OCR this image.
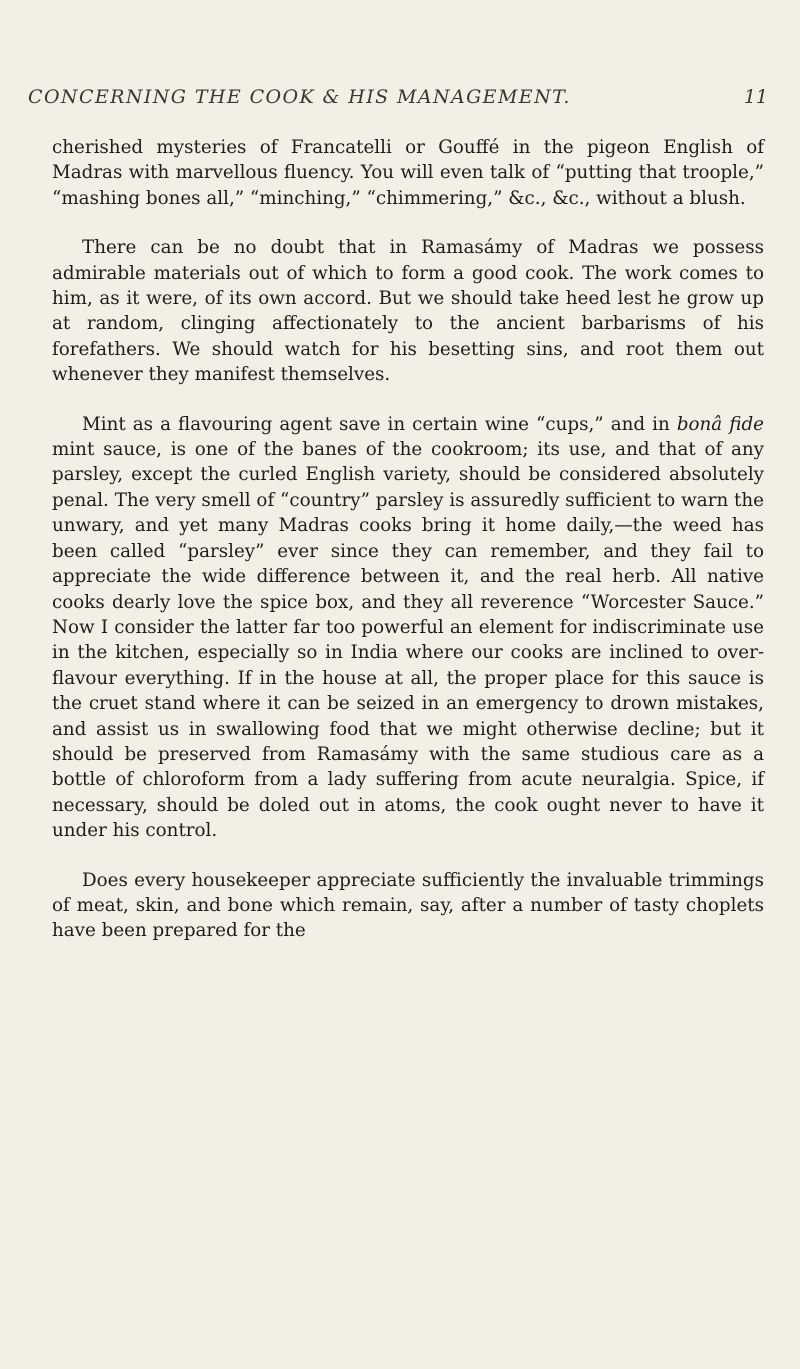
CONCERNING THE COOK & HIS MANAGEMENT.	11

cherished mysteries of Francatelli or Gouffé in the pigeon English of Madras with marvellous fluency. You will even talk of “putting that troople,” “mashing bones all,” “minching,” “chimmering,” &c., &c., without a blush.

There can be no doubt that in Ramasámy of Madras we possess admirable materials out of which to form a good cook. The work comes to him, as it were, of its own accord. But we should take heed lest he grow up at random, clinging affectionately to the ancient barbarisms of his forefathers. We should watch for his besetting sins, and root them out whenever they manifest themselves.

Mint as a flavouring agent save in certain wine “cups,” and in bonâ fide mint sauce, is one of the banes of the cookroom; its use, and that of any parsley, except the curled English variety, should be considered absolutely penal. The very smell of “country” parsley is assuredly sufficient to warn the unwary, and yet many Madras cooks bring it home daily,—the weed has been called “parsley” ever since they can remember, and they fail to appreciate the wide difference between it, and the real herb. All native cooks dearly love the spice box, and they all reverence “Worcester Sauce.” Now I consider the latter far too powerful an element for indiscriminate use in the kitchen, especially so in India where our cooks are inclined to over-flavour everything. If in the house at all, the proper place for this sauce is the cruet stand where it can be seized in an emergency to drown mistakes, and assist us in swallowing food that we might otherwise decline; but it should be preserved from Ramasámy with the same studious care as a bottle of chloroform from a lady suffering from acute neuralgia. Spice, if necessary, should be doled out in atoms, the cook ought never to have it under his control.

Does every housekeeper appreciate sufficiently the invaluable trimmings of meat, skin, and bone which remain, say, after a number of tasty choplets have been prepared for the
